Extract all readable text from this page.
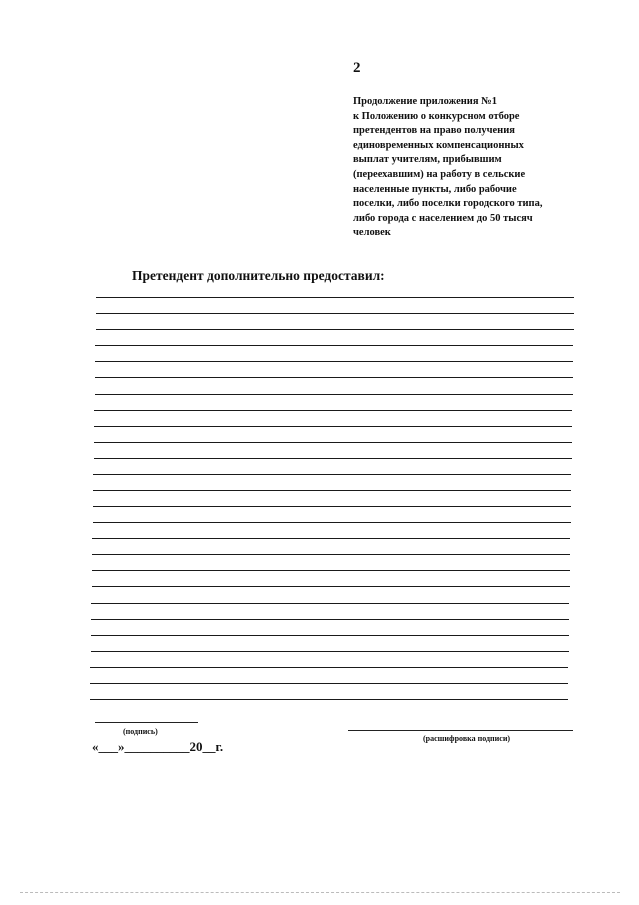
2
Продолжение приложения №1
к Положению о конкурсном отборе
претендентов на право получения
единовременных компенсационных
выплат учителям, прибывшим
(переехавшим) на работу в сельские
населенные пункты, либо рабочие
поселки, либо поселки городского типа,
либо города с населением до 50 тысяч
человек
Претендент дополнительно предоставил:
(подпись)
(расшифровка подписи)
«___»__________20__г.
